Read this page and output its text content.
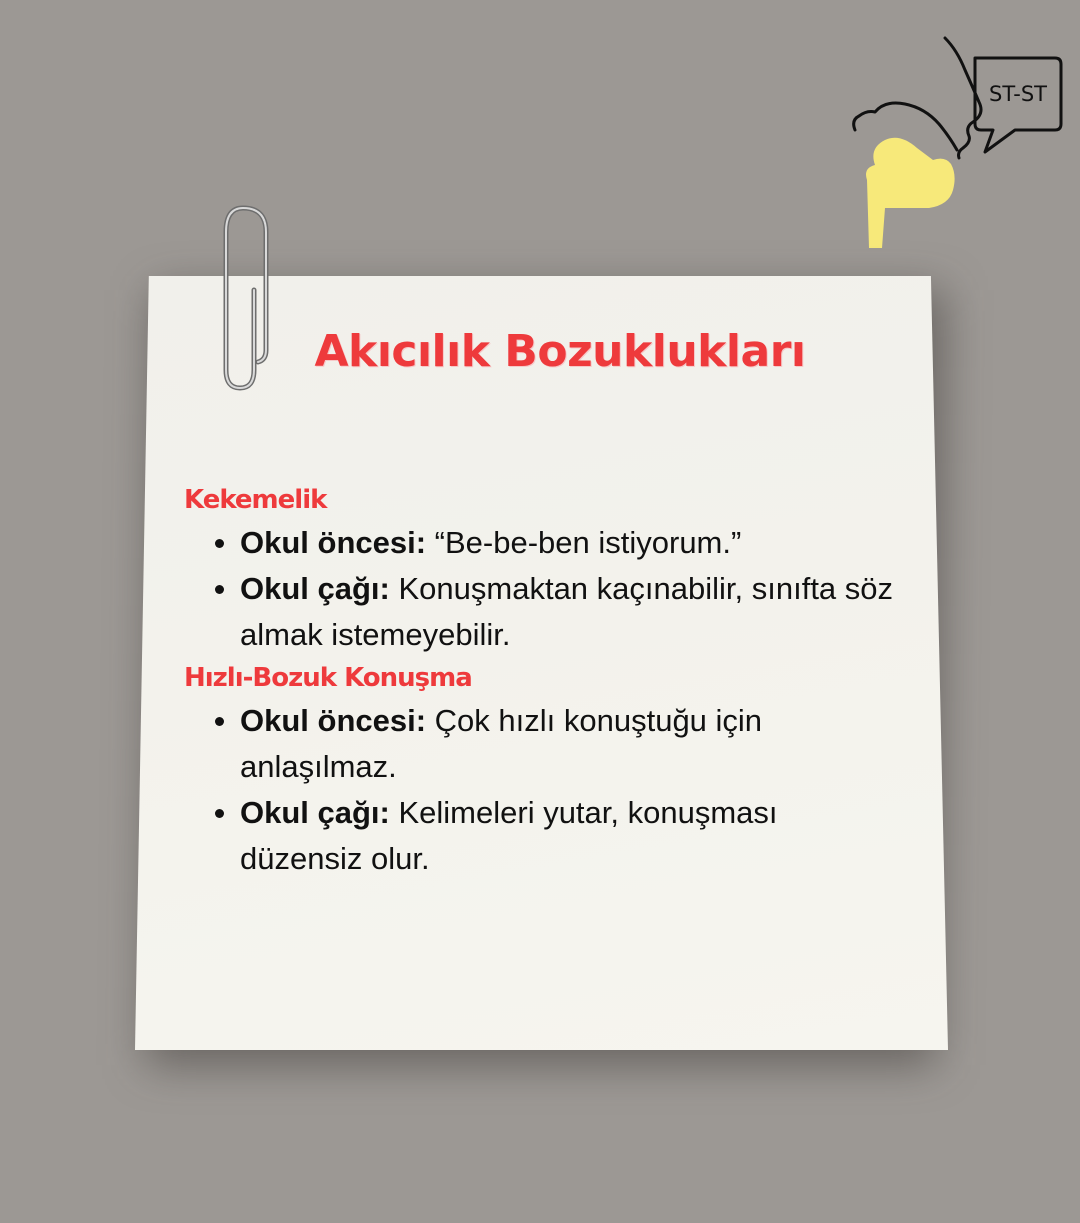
ST-ST
Akıcılık Bozuklukları
Kekemelik
Okul öncesi: “Be-be-ben istiyorum.”
Okul çağı: Konuşmaktan kaçınabilir, sınıfta söz almak istemeyebilir.
Hızlı-Bozuk Konuşma
Okul öncesi: Çok hızlı konuştuğu için anlaşılmaz.
Okul çağı: Kelimeleri yutar, konuşması düzensiz olur.
